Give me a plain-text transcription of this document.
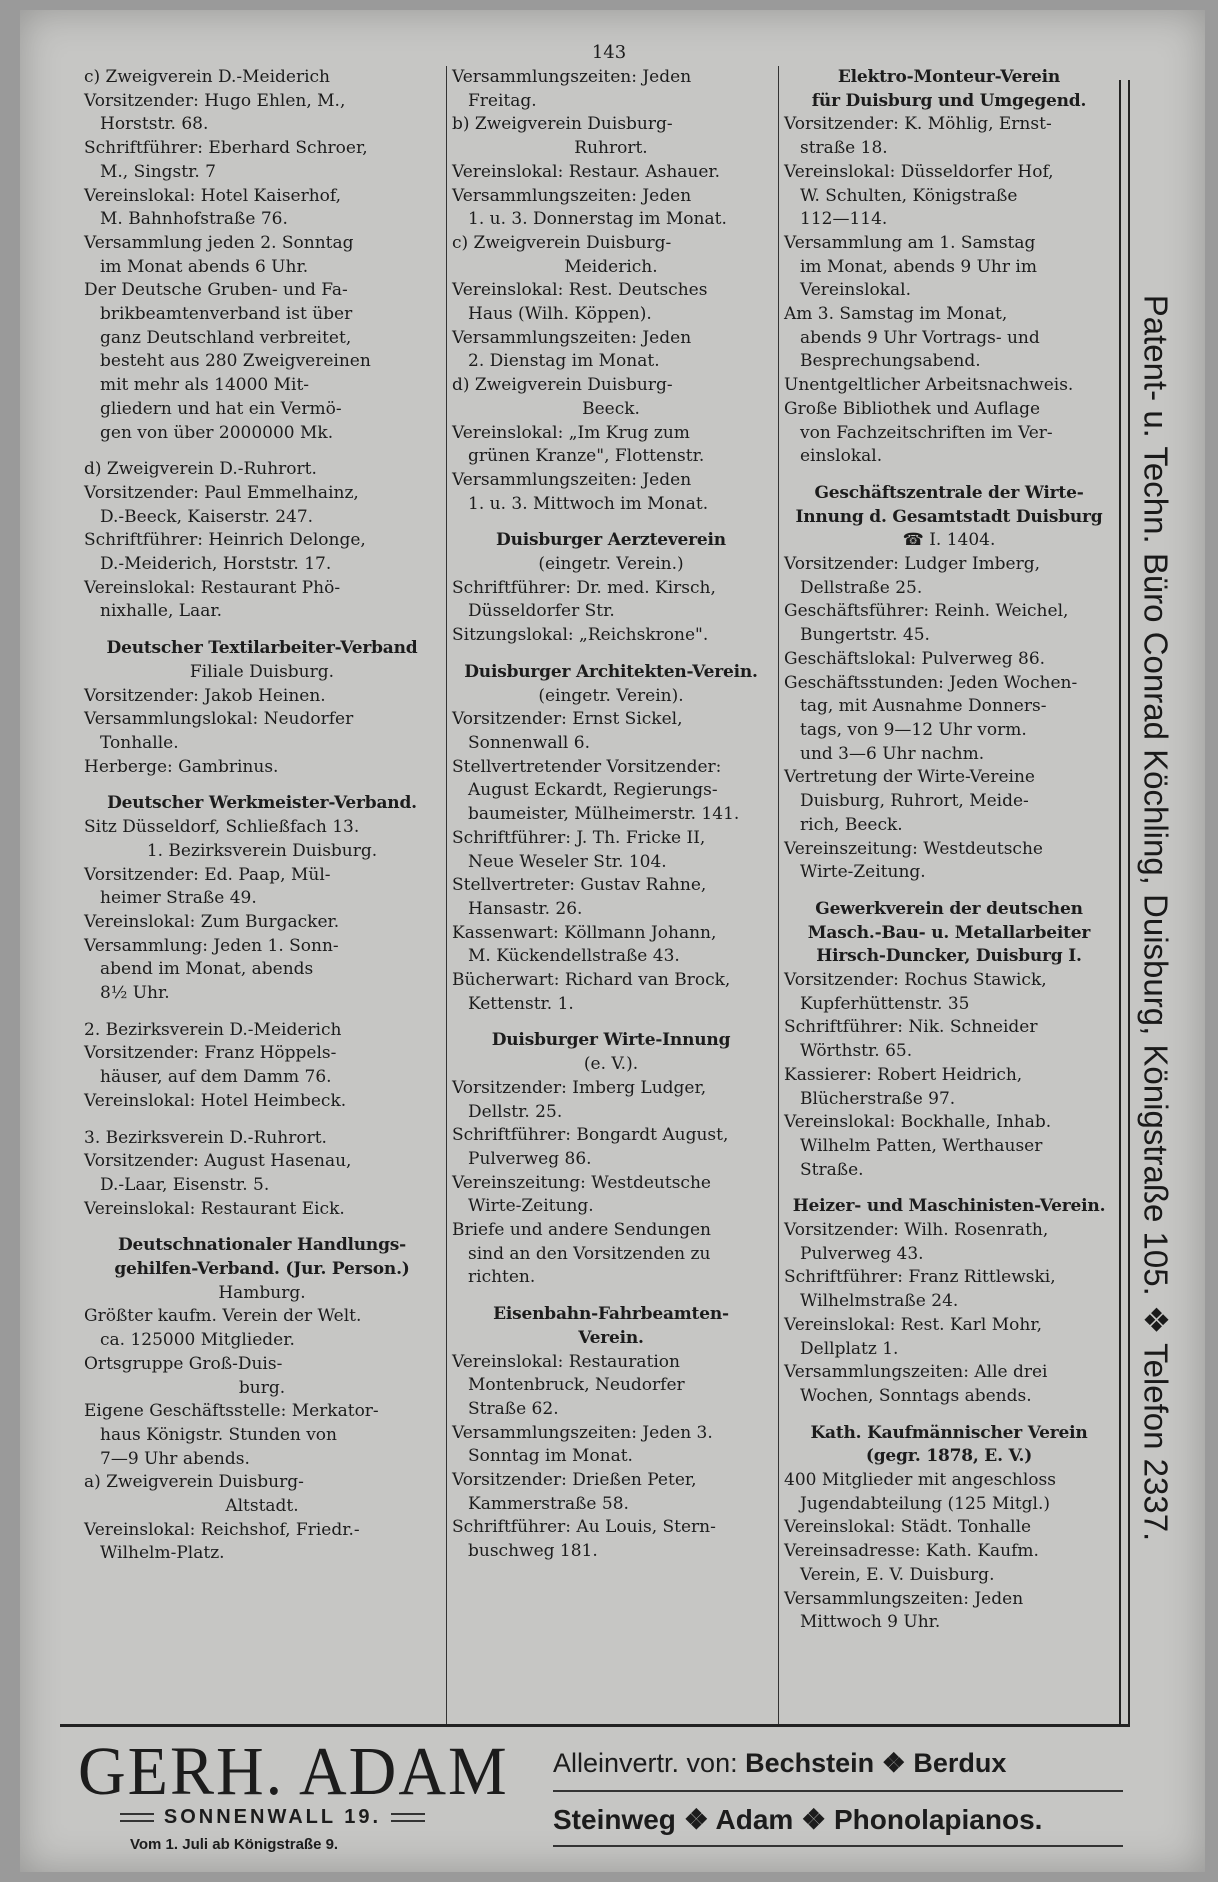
143
c) Zweigverein D.-Meiderich
Vorsitzender: Hugo Ehlen, M.,
Horststr. 68.
Schriftführer: Eberhard Schroer,
M., Singstr. 7
Vereinslokal: Hotel Kaiserhof,
M. Bahnhofstraße 76.
Versammlung jeden 2. Sonntag
im Monat abends 6 Uhr.
Der Deutsche Gruben- und Fa-
brikbeamtenverband ist über
ganz Deutschland verbreitet,
besteht aus 280 Zweigvereinen
mit mehr als 14000 Mit-
gliedern und hat ein Vermö-
gen von über 2000000 Mk.
d) Zweigverein D.-Ruhrort.
Vorsitzender: Paul Emmelhainz,
D.-Beeck, Kaiserstr. 247.
Schriftführer: Heinrich Delonge,
D.-Meiderich, Horststr. 17.
Vereinslokal: Restaurant Phö-
nixhalle, Laar.
Deutscher Textilarbeiter-Verband
Filiale Duisburg.
Vorsitzender: Jakob Heinen.
Versammlungslokal: Neudorfer
Tonhalle.
Herberge: Gambrinus.
Deutscher Werkmeister-Verband.
Sitz Düsseldorf, Schließfach 13.
1. Bezirksverein Duisburg.
Vorsitzender: Ed. Paap, Mül-
heimer Straße 49.
Vereinslokal: Zum Burgacker.
Versammlung: Jeden 1. Sonn-
abend im Monat, abends
8½ Uhr.
2. Bezirksverein D.-Meiderich
Vorsitzender: Franz Höppels-
häuser, auf dem Damm 76.
Vereinslokal: Hotel Heimbeck.
3. Bezirksverein D.-Ruhrort.
Vorsitzender: August Hasenau,
D.-Laar, Eisenstr. 5.
Vereinslokal: Restaurant Eick.
Deutschnationaler Handlungs-
gehilfen-Verband. (Jur. Person.)
Hamburg.
Größter kaufm. Verein der Welt.
ca. 125000 Mitglieder.
Ortsgruppe Groß-Duis-
burg.
Eigene Geschäftsstelle: Merkator-
haus Königstr. Stunden von
7—9 Uhr abends.
a) Zweigverein Duisburg-
Altstadt.
Vereinslokal: Reichshof, Friedr.-
Wilhelm-Platz.
Versammlungszeiten: Jeden
Freitag.
b) Zweigverein Duisburg-
Ruhrort.
Vereinslokal: Restaur. Ashauer.
Versammlungszeiten: Jeden
1. u. 3. Donnerstag im Monat.
c) Zweigverein Duisburg-
Meiderich.
Vereinslokal: Rest. Deutsches
Haus (Wilh. Köppen).
Versammlungszeiten: Jeden
2. Dienstag im Monat.
d) Zweigverein Duisburg-
Beeck.
Vereinslokal: „Im Krug zum
grünen Kranze", Flottenstr.
Versammlungszeiten: Jeden
1. u. 3. Mittwoch im Monat.
Duisburger Aerzteverein
(eingetr. Verein.)
Schriftführer: Dr. med. Kirsch,
Düsseldorfer Str.
Sitzungslokal: „Reichskrone".
Duisburger Architekten-Verein.
(eingetr. Verein).
Vorsitzender: Ernst Sickel,
Sonnenwall 6.
Stellvertretender Vorsitzender:
August Eckardt, Regierungs-
baumeister, Mülheimerstr. 141.
Schriftführer: J. Th. Fricke II,
Neue Weseler Str. 104.
Stellvertreter: Gustav Rahne,
Hansastr. 26.
Kassenwart: Köllmann Johann,
M. Kückendellstraße 43.
Bücherwart: Richard van Brock,
Kettenstr. 1.
Duisburger Wirte-Innung
(e. V.).
Vorsitzender: Imberg Ludger,
Dellstr. 25.
Schriftführer: Bongardt August,
Pulverweg 86.
Vereinszeitung: Westdeutsche
Wirte-Zeitung.
Briefe und andere Sendungen
sind an den Vorsitzenden zu
richten.
Eisenbahn-Fahrbeamten-
Verein.
Vereinslokal: Restauration
Montenbruck, Neudorfer
Straße 62.
Versammlungszeiten: Jeden 3.
Sonntag im Monat.
Vorsitzender: Drießen Peter,
Kammerstraße 58.
Schriftführer: Au Louis, Stern-
buschweg 181.
Elektro-Monteur-Verein
für Duisburg und Umgegend.
Vorsitzender: K. Möhlig, Ernst-
straße 18.
Vereinslokal: Düsseldorfer Hof,
W. Schulten, Königstraße
112—114.
Versammlung am 1. Samstag
im Monat, abends 9 Uhr im
Vereinslokal.
Am 3. Samstag im Monat,
abends 9 Uhr Vortrags- und
Besprechungsabend.
Unentgeltlicher Arbeitsnachweis.
Große Bibliothek und Auflage
von Fachzeitschriften im Ver-
einslokal.
Geschäftszentrale der Wirte-
Innung d. Gesamtstadt Duisburg
☎ I. 1404.
Vorsitzender: Ludger Imberg,
Dellstraße 25.
Geschäftsführer: Reinh. Weichel,
Bungertstr. 45.
Geschäftslokal: Pulverweg 86.
Geschäftsstunden: Jeden Wochen-
tag, mit Ausnahme Donners-
tags, von 9—12 Uhr vorm.
und 3—6 Uhr nachm.
Vertretung der Wirte-Vereine
Duisburg, Ruhrort, Meide-
rich, Beeck.
Vereinszeitung: Westdeutsche
Wirte-Zeitung.
Gewerkverein der deutschen
Masch.-Bau- u. Metallarbeiter
Hirsch-Duncker, Duisburg I.
Vorsitzender: Rochus Stawick,
Kupferhüttenstr. 35
Schriftführer: Nik. Schneider
Wörthstr. 65.
Kassierer: Robert Heidrich,
Blücherstraße 97.
Vereinslokal: Bockhalle, Inhab.
Wilhelm Patten, Werthauser
Straße.
Heizer- und Maschinisten-Verein.
Vorsitzender: Wilh. Rosenrath,
Pulverweg 43.
Schriftführer: Franz Rittlewski,
Wilhelmstraße 24.
Vereinslokal: Rest. Karl Mohr,
Dellplatz 1.
Versammlungszeiten: Alle drei
Wochen, Sonntags abends.
Kath. Kaufmännischer Verein
(gegr. 1878, E. V.)
400 Mitglieder mit angeschloss
Jugendabteilung (125 Mitgl.)
Vereinslokal: Städt. Tonhalle
Vereinsadresse: Kath. Kaufm.
Verein, E. V. Duisburg.
Versammlungszeiten: Jeden
Mittwoch 9 Uhr.
Patent- u. Techn. Büro Conrad Köchling, Duisburg, Königstraße 105. ❖ Telefon 2337.
GERH. ADAM
SONNENWALL 19.
Vom 1. Juli ab Königstraße 9.
Alleinvertr. von: Bechstein ❖ Berdux
Steinweg ❖ Adam ❖ Phonolapianos.
